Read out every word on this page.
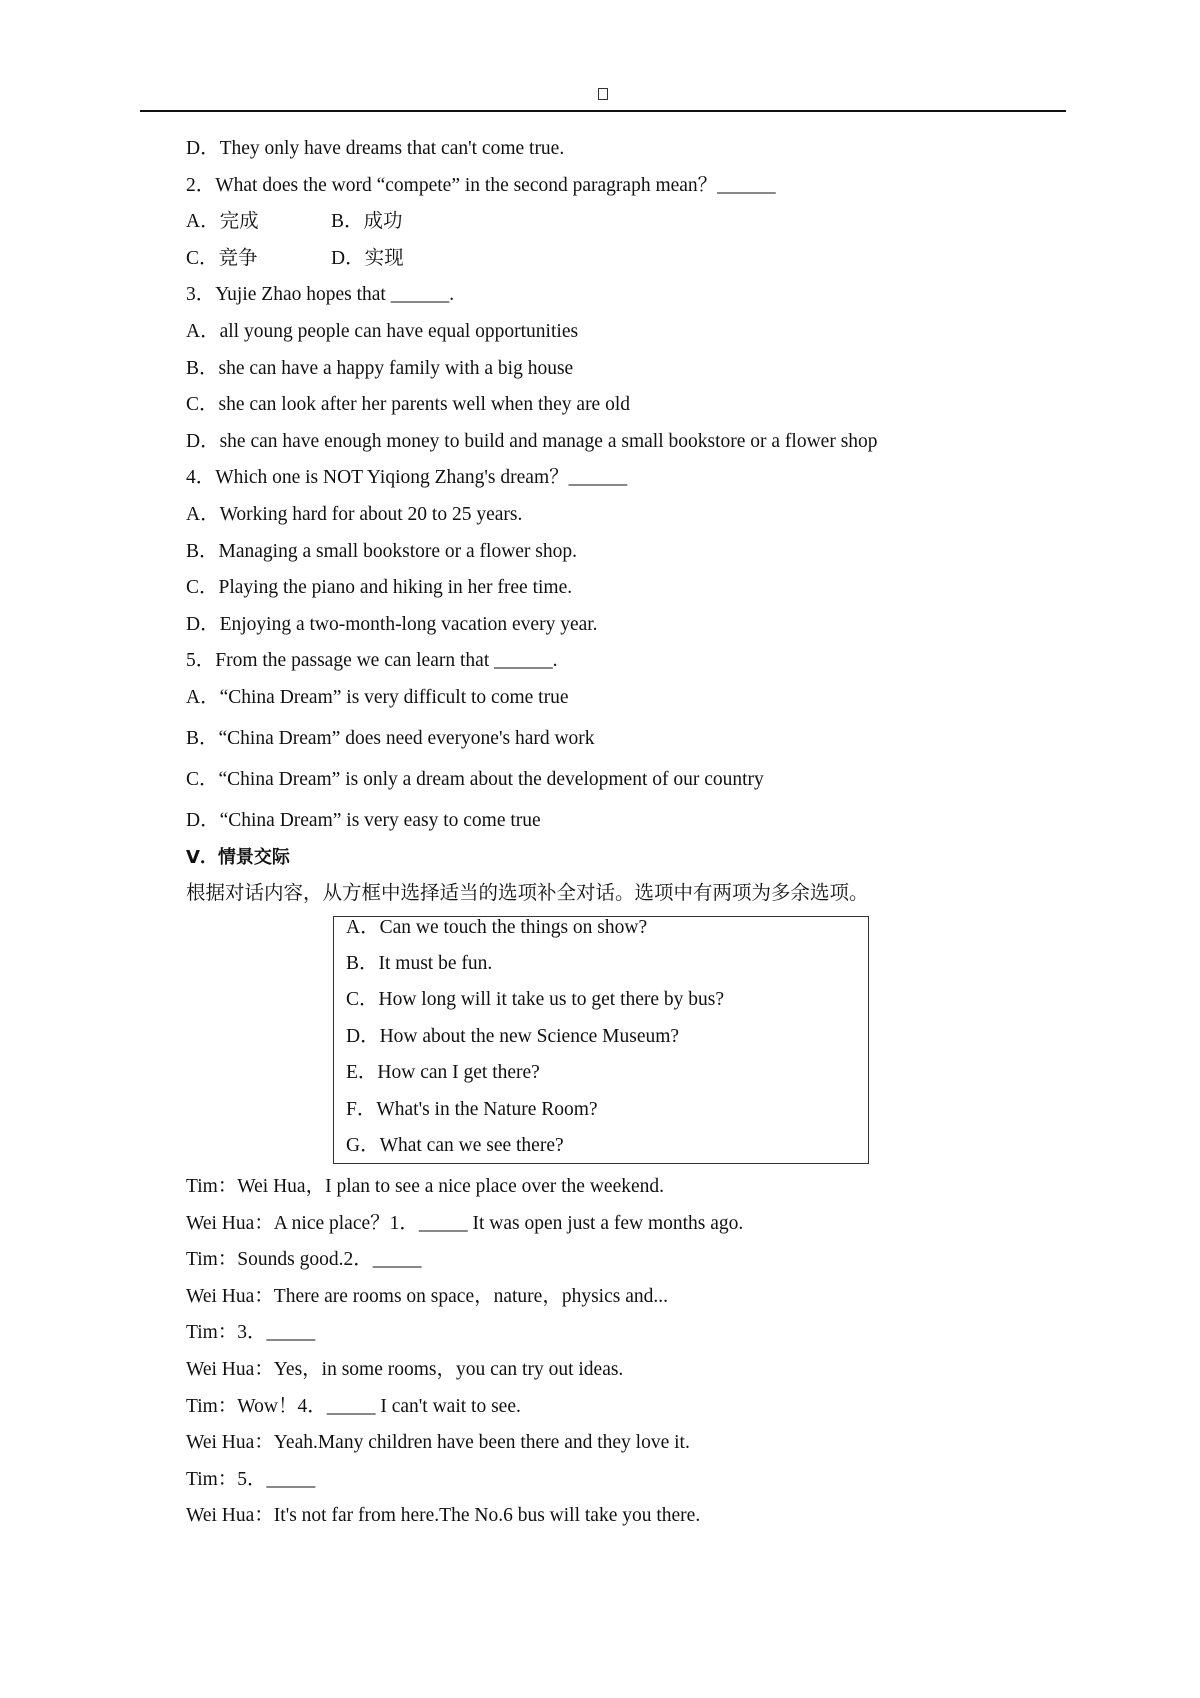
D．They only have dreams that can't come true.
2．What does the word “compete” in the second paragraph mean？______
A．完成	B．成功
C．竞争	D．实现
3．Yujie Zhao hopes that ______.
A．all young people can have equal opportunities
B．she can have a happy family with a big house
C．she can look after her parents well when they are old
D．she can have enough money to build and manage a small bookstore or a flower shop
4．Which one is NOT Yiqiong Zhang's dream？______
A．Working hard for about 20 to 25 years.
B．Managing a small bookstore or a flower shop.
C．Playing the piano and hiking in her free time.
D．Enjoying a two-month-long vacation every year.
5．From the passage we can learn that ______.
A．“China Dream” is very difficult to come true
B．“China Dream” does need everyone's hard work
C．“China Dream” is only a dream about the development of our country
D．“China Dream” is very easy to come true
Ⅴ．情景交际
根据对话内容，从方框中选择适当的选项补全对话。选项中有两项为多余选项。
A．Can we touch the things on show?
B．It must be fun.
C．How long will it take us to get there by bus?
D．How about the new Science Museum?
E．How can I get there?
F．What's in the Nature Room?
G．What can we see there?
Tim：Wei Hua，I plan to see a nice place over the weekend.
Wei Hua：A nice place？1．_____ It was open just a few months ago.
Tim：Sounds good.2．_____
Wei Hua：There are rooms on space，nature，physics and...
Tim：3．_____
Wei Hua：Yes，in some rooms，you can try out ideas.
Tim：Wow！4．_____ I can't wait to see.
Wei Hua：Yeah.Many children have been there and they love it.
Tim：5．_____
Wei Hua：It's not far from here.The No.6 bus will take you there.
